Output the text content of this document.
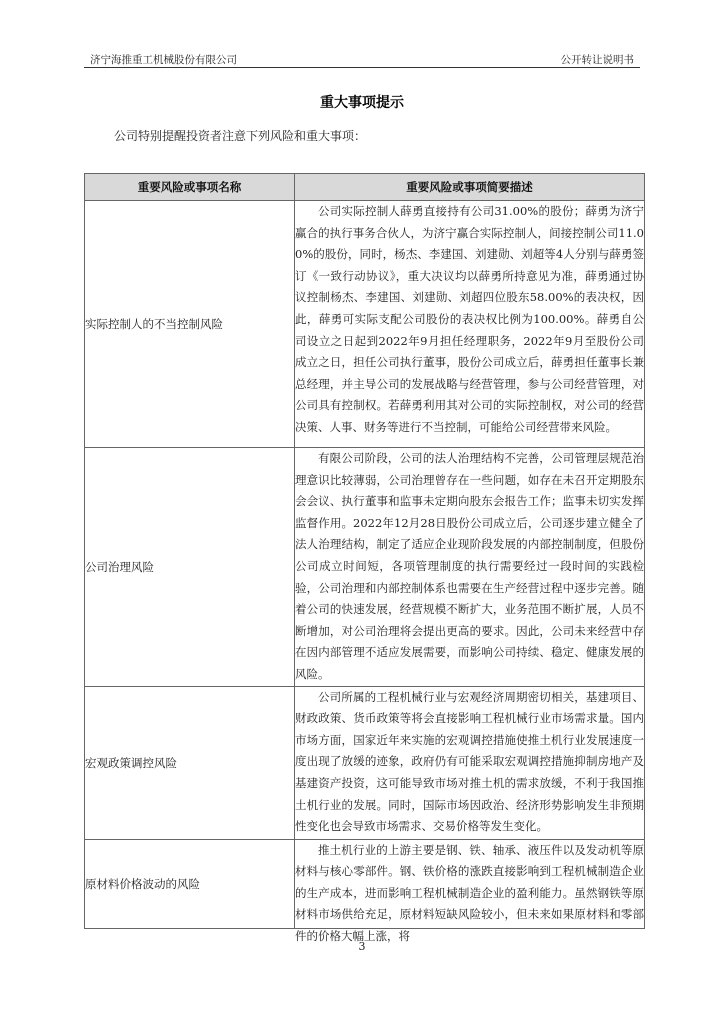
济宁海推重工机械股份有限公司	公开转让说明书
重大事项提示
公司特别提醒投资者注意下列风险和重大事项：
重要风险或事项名称	重要风险或事项简要描述
实际控制人的不当控制风险	公司实际控制人薛勇直接持有公司31.00%的股份；薛勇为济宁赢合的执行事务合伙人，为济宁赢合实际控制人，间接控制公司11.00%的股份，同时，杨杰、李建国、刘建勋、刘超等4人分别与薛勇签订《一致行动协议》，重大决议均以薛勇所持意见为准，薛勇通过协议控制杨杰、李建国、刘建勋、刘超四位股东58.00%的表决权，因此，薛勇可实际支配公司股份的表决权比例为100.00%。薛勇自公司设立之日起到2022年9月担任经理职务，2022年9月至股份公司成立之日，担任公司执行董事，股份公司成立后，薛勇担任董事长兼总经理，并主导公司的发展战略与经营管理，参与公司经营管理，对公司具有控制权。若薛勇利用其对公司的实际控制权，对公司的经营决策、人事、财务等进行不当控制，可能给公司经营带来风险。
公司治理风险	有限公司阶段，公司的法人治理结构不完善，公司管理层规范治理意识比较薄弱，公司治理曾存在一些问题，如存在未召开定期股东会会议、执行董事和监事未定期向股东会报告工作；监事未切实发挥监督作用。2022年12月28日股份公司成立后，公司逐步建立健全了法人治理结构，制定了适应企业现阶段发展的内部控制制度，但股份公司成立时间短，各项管理制度的执行需要经过一段时间的实践检验，公司治理和内部控制体系也需要在生产经营过程中逐步完善。随着公司的快速发展，经营规模不断扩大，业务范围不断扩展，人员不断增加，对公司治理将会提出更高的要求。因此，公司未来经营中存在因内部管理不适应发展需要，而影响公司持续、稳定、健康发展的风险。
宏观政策调控风险	公司所属的工程机械行业与宏观经济周期密切相关，基建项目、财政政策、货币政策等将会直接影响工程机械行业市场需求量。国内市场方面，国家近年来实施的宏观调控措施使推土机行业发展速度一度出现了放缓的迹象，政府仍有可能采取宏观调控措施抑制房地产及基建资产投资，这可能导致市场对推土机的需求放缓，不利于我国推土机行业的发展。同时，国际市场因政治、经济形势影响发生非预期性变化也会导致市场需求、交易价格等发生变化。
原材料价格波动的风险	推土机行业的上游主要是钢、铁、轴承、液压件以及发动机等原材料与核心零部件。钢、铁价格的涨跌直接影响到工程机械制造企业的生产成本，进而影响工程机械制造企业的盈利能力。虽然钢铁等原材料市场供给充足，原材料短缺风险较小，但未来如果原材料和零部件的价格大幅上涨，将
3
